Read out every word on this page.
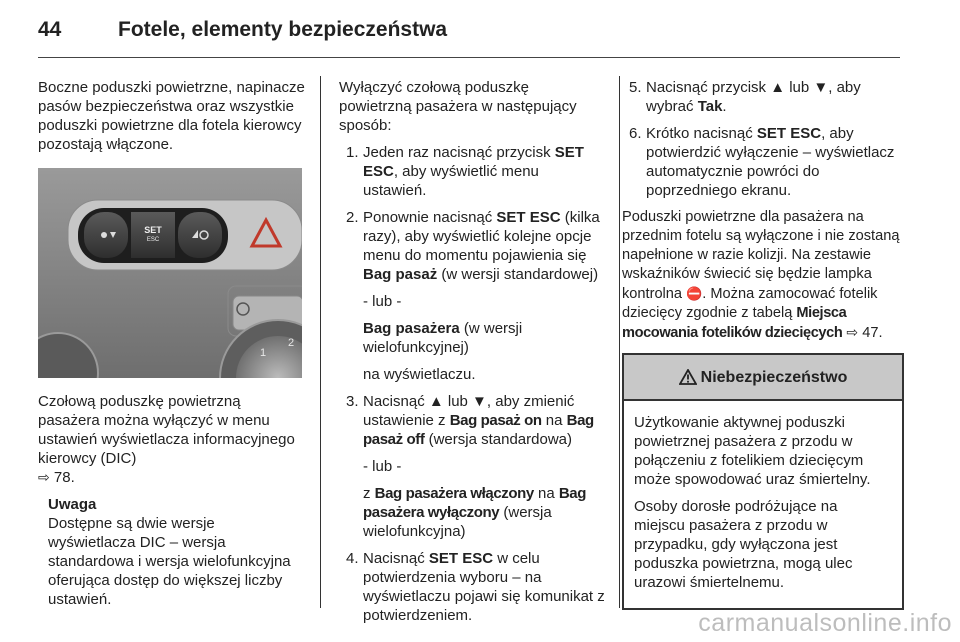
44	Fotele, elementy bezpieczeństwa

Boczne poduszki powietrzne, napinacze pasów bezpieczeństwa oraz wszystkie poduszki powietrzne dla fotela kierowcy pozostają włączone.

SET
ESC
1
2

Czołową poduszkę powietrzną pasażera można wyłączyć w menu ustawień wyświetlacza informacyjnego kierowcy (DIC)
⇨ 78.

Uwaga
Dostępne są dwie wersje wyświetlacza DIC – wersja standardowa i wersja wielofunkcyjna oferująca dostęp do większej liczby ustawień.

Wyłączyć czołową poduszkę powietrzną pasażera w następujący sposób:

1. Jeden raz nacisnąć przycisk SET ESC, aby wyświetlić menu ustawień.

2. Ponownie nacisnąć SET ESC (kilka razy), aby wyświetlić kolejne opcje menu do momentu pojawienia się Bag pasaż (w wersji standardowej)

- lub -

Bag pasażera (w wersji wielofunkcyjnej)

na wyświetlaczu.

3. Nacisnąć ▲ lub ▼, aby zmienić ustawienie z Bag pasaż on na Bag pasaż off (wersja standardowa)

- lub -

z Bag pasażera włączony na Bag pasażera wyłączony (wersja wielofunkcyjna)

4. Nacisnąć SET ESC w celu potwierdzenia wyboru – na wyświetlaczu pojawi się komunikat z potwierdzeniem.

5. Nacisnąć przycisk ▲ lub ▼, aby wybrać Tak.

6. Krótko nacisnąć SET ESC, aby potwierdzić wyłączenie – wyświetlacz automatycznie powróci do poprzedniego ekranu.

Poduszki powietrzne dla pasażera na przednim fotelu są wyłączone i nie zostaną napełnione w razie kolizji. Na zestawie wskaźników świecić się będzie lampka kontrolna ⛔. Można zamocować fotelik dziecięcy zgodnie z tabelą Miejsca mocowania fotelików dziecięcych ⇨ 47.

Niebezpieczeństwo

Użytkowanie aktywnej poduszki powietrznej pasażera z przodu w połączeniu z fotelikiem dziecięcym może spowodować uraz śmiertelny.

Osoby dorosłe podróżujące na miejscu pasażera z przodu w przypadku, gdy wyłączona jest poduszka powietrzna, mogą ulec urazowi śmiertelnemu.

carmanualsonline.info
